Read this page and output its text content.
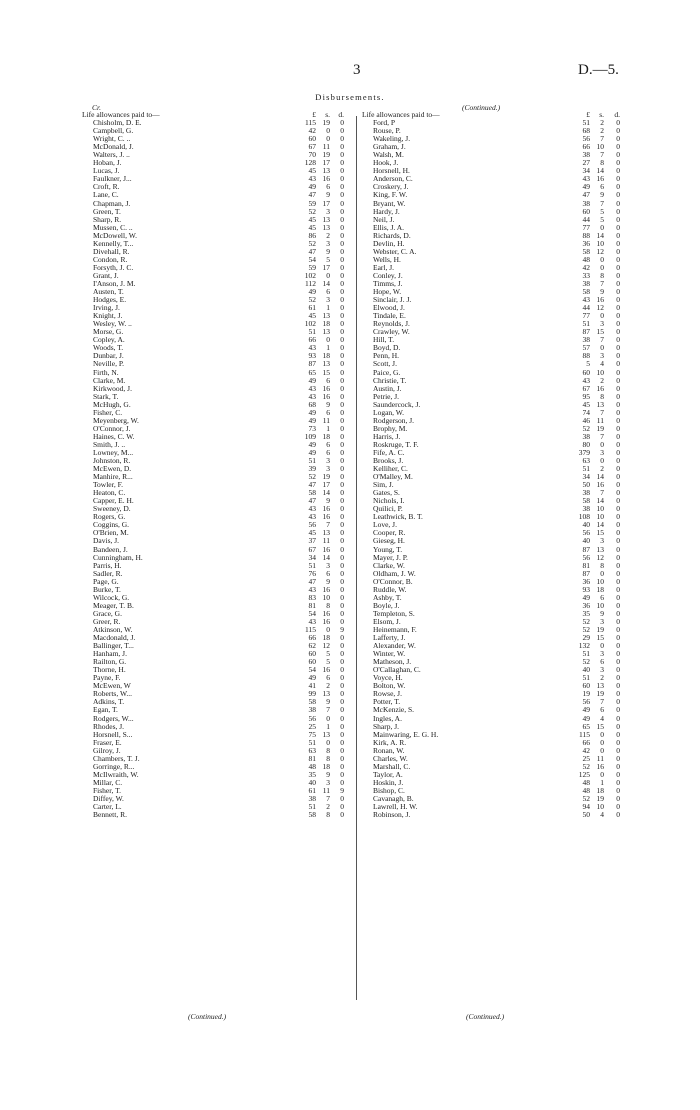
3	D.—5.
Disbursements.
Cr.	(Continued.)
Life allowances paid to—	£	s.	d.
Chisholm, D. E.	115 19	0
Campbell, G.	42	0	0
Wright, C. ..	60	0	0
McDonald, J.	67 11	0
Walters, J. ..	70 19	0
Hoban, J.	128 17	0
Lucas, J.	45 13	0
Faulkner, J...	43 16	0
Croft, R.	49	6	0
Lane, C.	47	9	0
Chapman, J.	59 17	0
Green, T.	52	3	0
Sharp, R.	45 13	0
Mussen, C. ..	45 13	0
McDowell, W.	86	2	0
Kennelly, T...	52	3	0
Divehall, R.	47	9	0
Condon, R.	54	5	0
Forsyth, J. C.	59 17	0
Grant, J.	102	0	0
I'Anson, J. M.	112 14	0
Austen, T.	49	6	0
Hodges, E.	52	3	0
Irving, J.	61	1	0
Knight, J.	45 13	0
Wesley, W. ..	102 18	0
Morse, G.	51 13	0
Copley, A.	66	0	0
Woods, T.	43	1	0
Dunbar, J.	93 18	0
Neville, P.	87 13	0
Firth, N.	65 15	0
Clarke, M.	49	6	0
Kirkwood, J.	43 16	0
Stark, T.	43 16	0
McHugh, G.	68	9	0
Fisher, C.	49	6	0
Meyenberg, W.	49 11	0
O'Connor, J.	73	1	0
Haines, C. W.	109 18	0
Smith, J. ..	49	6	0
Lowney, M...	49	6	0
Johnston, R.	51	3	0
McEwen, D.	39	3	0
Manhire, R...	52 19	0
Towler, F.	47 17	0
Heaton, C.	58 14	0
Capper, E. H.	47	9	0
Sweeney, D.	43 16	0
Rogers, G.	43 16	0
Coggins, G.	56	7	0
O'Brien, M.	45 13	0
Davis, J.	37 11	0
Bandeen, J.	67 16	0
Cunningham, H.	34 14	0
Parris, H.	51	3	0
Sadler, R.	76	6	0
Page, G.	47	9	0
Burke, T.	43 16	0
Wilcock, G.	83 10	0
Meager, T. B.	81	8	0
Grace, G.	54 16	0
Greer, R.	43 16	0
Atkinson, W.	115	0	9
Macdonald, J.	66 18	0
Ballinger, T...	62 12	0
Hanham, J.	60	5	0
Railton, G.	60	5	0
Thorne, H.	54 16	0
Payne, F.	49	6	0
McEwen, W	41	2	0
Roberts, W...	99 13	0
Adkins, T.	58	9	0
Egan, T.	38	7	0
Rodgers, W...	56	0	0
Rhodes, J.	25	1	0
Horsnell, S...	75 13	0
Fraser, E.	51	0	0
Gilroy, J.	63	8	0
Chambers, T. J.	81	8	0
Gorringe, R...	48 18	0
McIlwraith, W.	35	9	0
Millar, C.	40	3	0
Fisher, T.	61 11	9
Diffey, W.	38	7	0
Carter, L.	51	2	0
Bennett, R.	58	8	0
Life allowances paid to—	£	s.	d.
Ford, P	51	2	0
Rouse, P.	68	2	0
Wakeling, J.	56	7	0
Graham, J.	66 10	0
Walsh, M.	38	7	0
Hook, J.	27	8	0
Horsnell, H.	34 14	0
Anderson, C.	43 16	0
Croskery, J.	49	6	0
King, F. W.	47	9	0
Bryant, W.	38	7	0
Hardy, J.	60	5	0
Neil, J.	44	5	0
Ellis, J. A.	77	0	0
Richards, D.	88 14	0
Devlin, H.	36 10	0
Webster, C. A.	58 12	0
Wells, H.	48	0	0
Earl, J.	42	0	0
Conley, J.	33	8	0
Timms, J.	38	7	0
Hope, W.	58	9	0
Sinclair, J. J.	43 16	0
Elwood, J.	44 12	0
Tindale, E.	77	0	0
Reynolds, J.	51	3	0
Crawley, W.	87 15	0
Hill, T.	38	7	0
Boyd, D.	57	0	0
Penn, H.	88	3	0
Scott, J.	5	4	0
Paice, G.	60 10	0
Christie, T.	43	2	0
Austin, J.	67 16	0
Petrie, J.	95	8	0
Saundercock, J.	45 13	0
Logan, W.	74	7	0
Rodgerson, J.	46 11	0
Brophy, M.	52 19	0
Harris, J.	38	7	0
Roskruge, T. F.	80	0	0
Fife, A. C.	379	3	0
Brooks, J.	63	0	0
Kelliher, C.	51	2	0
O'Malley, M.	34 14	0
Sim, J.	50 16	0
Gates, S.	38	7	0
Nichols, I.	58 14	0
Quilici, P.	38 10	0
Leathwick, B. T.	108 10	0
Love, J.	40 14	0
Cooper, R.	56 15	0
Gieseg, H.	40	3	0
Young, T.	87 13	0
Mayer, J. P.	56 12	0
Clarke, W.	81	8	0
Oldham, J. W.	87	0	0
O'Connor, B.	36 10	0
Ruddle, W.	93 18	0
Ashby, T.	49	6	0
Boyle, J.	36 10	0
Templeton, S.	35	9	0
Elsom, J.	52	3	0
Heinemann, F.	52 19	0
Lafferty, J.	29 15	0
Alexander, W.	132	0	0
Winter, W.	51	3	0
Matheson, J.	52	6	0
O'Callaghan, C.	40	3	0
Voyce, H.	51	2	0
Bolton, W.	60 13	0
Rowse, J.	19 19	0
Potter, T.	56	7	0
McKenzie, S.	49	6	0
Ingles, A.	49	4	0
Sharp, J.	65 15	0
Mainwaring, E. G. H.	115	0	0
Kirk, A. R.	66	0	0
Ronan, W.	42	0	0
Charles, W.	25 11	0
Marshall, C.	52 16	0
Taylor, A.	125	0	0
Hoskin, J.	48	1	0
Bishop, C.	48 18	0
Cavanagh, B.	52 19	0
Lawrell, H. W.	94 10	0
Robinson, J.	50	4	0
(Continued.)	(Continued.)
